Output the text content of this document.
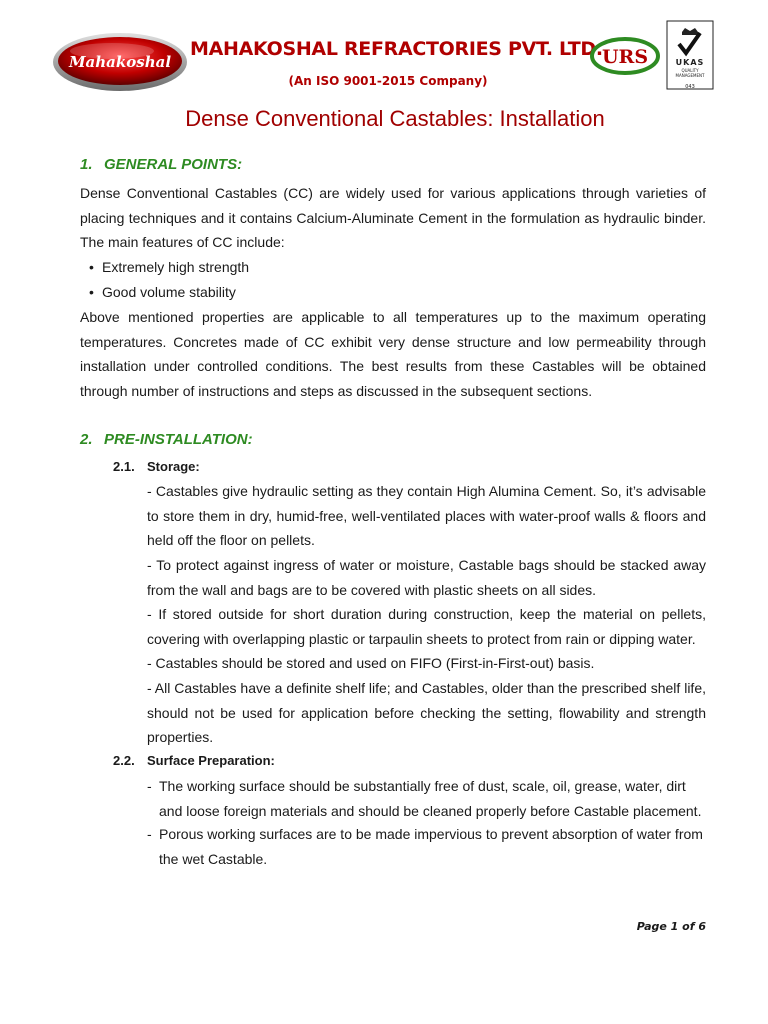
Mahakoshal
MAHAKOSHAL REFRACTORIES PVT. LTD.
(An ISO 9001-2015 Company)
URS	UKAS
QUALITY
MANAGEMENT
043
Dense Conventional Castables: Installation
1. GENERAL POINTS:
Dense Conventional Castables (CC) are widely used for various applications through varieties of placing techniques and it contains Calcium-Aluminate Cement in the formulation as hydraulic binder. The main features of CC include:
• Extremely high strength
• Good volume stability
Above mentioned properties are applicable to all temperatures up to the maximum operating temperatures. Concretes made of CC exhibit very dense structure and low permeability through installation under controlled conditions. The best results from these Castables will be obtained through number of instructions and steps as discussed in the subsequent sections.
2. PRE-INSTALLATION:
2.1. Storage:
- Castables give hydraulic setting as they contain High Alumina Cement. So, it’s advisable to store them in dry, humid-free, well-ventilated places with water-proof walls & floors and held off the floor on pellets.
- To protect against ingress of water or moisture, Castable bags should be stacked away from the wall and bags are to be covered with plastic sheets on all sides.
- If stored outside for short duration during construction, keep the material on pellets, covering with overlapping plastic or tarpaulin sheets to protect from rain or dipping water.
- Castables should be stored and used on FIFO (First-in-First-out) basis.
- All Castables have a definite shelf life; and Castables, older than the prescribed shelf life, should not be used for application before checking the setting, flowability and strength properties.
2.2. Surface Preparation:
- The working surface should be substantially free of dust, scale, oil, grease, water, dirt and loose foreign materials and should be cleaned properly before Castable placement.
- Porous working surfaces are to be made impervious to prevent absorption of water from the wet Castable.
Page 1 of 6
